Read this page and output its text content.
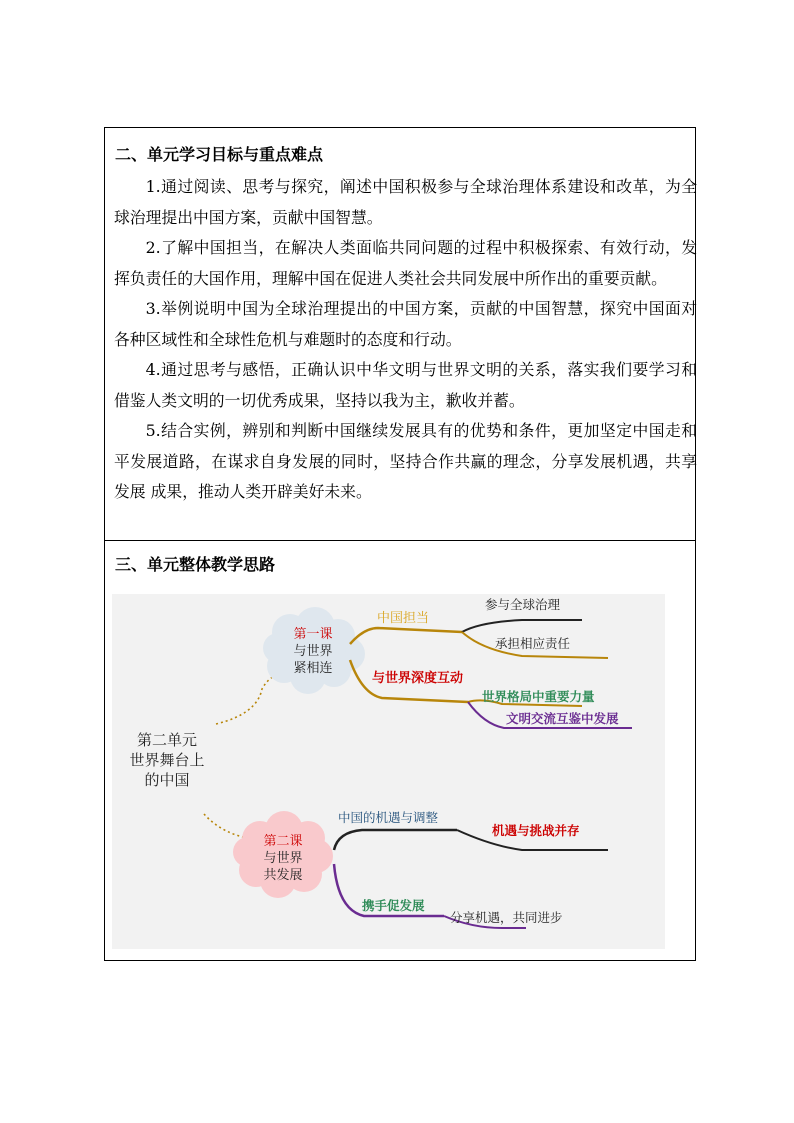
二、单元学习目标与重点难点

1.通过阅读、思考与探究，阐述中国积极参与全球治理体系建设和改革，为全球治理提出中国方案，贡献中国智慧。

2.了解中国担当，在解决人类面临共同问题的过程中积极探索、有效行动，发挥负责任的大国作用，理解中国在促进人类社会共同发展中所作出的重要贡献。

3.举例说明中国为全球治理提出的中国方案，贡献的中国智慧，探究中国面对各种区域性和全球性危机与难题时的态度和行动。

4.通过思考与感悟，正确认识中华文明与世界文明的关系，落实我们要学习和借鉴人类文明的一切优秀成果，坚持以我为主，歉收并蓄。

5.结合实例，辨别和判断中国继续发展具有的优势和条件，更加坚定中国走和平发展道路，在谋求自身发展的同时，坚持合作共赢的理念，分享发展机遇，共享发展 成果，推动人类开辟美好未来。

三、单元整体教学思路
第二单元
世界舞台上
的中国
第一课
与世界
紧相连
中国担当
参与全球治理
承担相应责任
与世界深度互动
世界格局中重要力量
文明交流互鉴中发展
第二课
与世界
共发展
中国的机遇与调整
机遇与挑战并存
携手促发展
分享机遇，共同进步
